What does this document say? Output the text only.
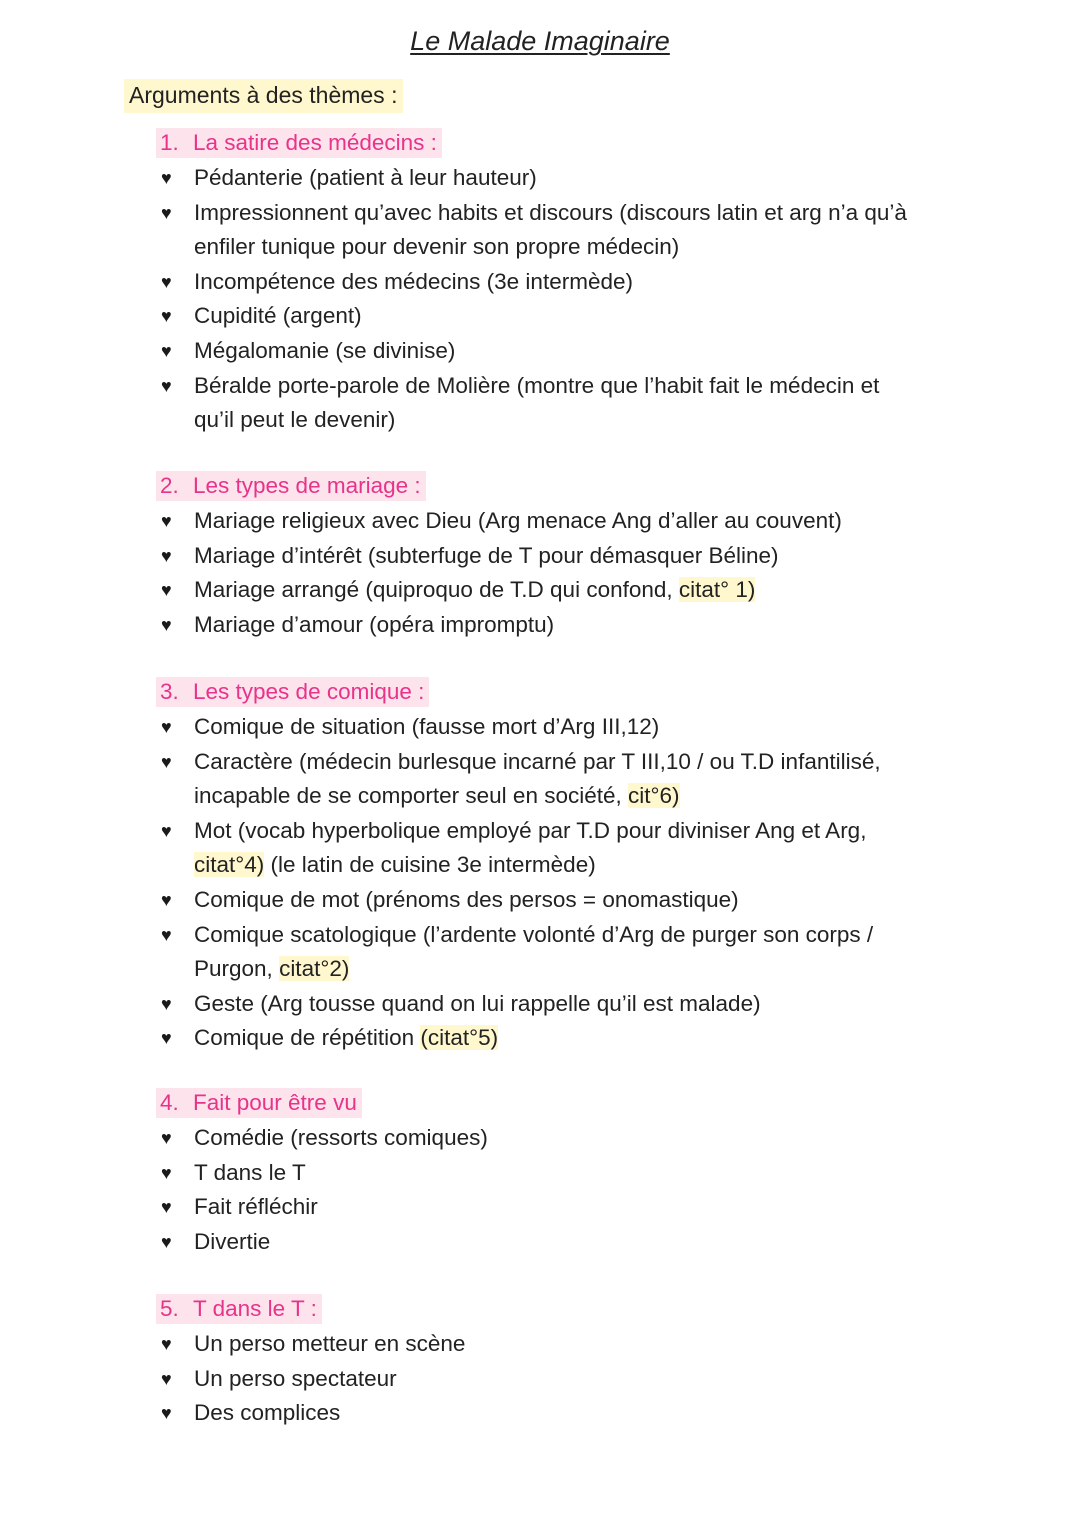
Le Malade Imaginaire
Arguments à des thèmes :
1. La satire des médecins :
♥ Pédanterie (patient à leur hauteur)
♥ Impressionnent qu’avec habits et discours (discours latin et arg n’a qu’à
enfiler tunique pour devenir son propre médecin)
♥ Incompétence des médecins (3e intermède)
♥ Cupidité (argent)
♥ Mégalomanie (se divinise)
♥ Béralde porte-parole de Molière (montre que l’habit fait le médecin et
qu’il peut le devenir)
2. Les types de mariage :
♥ Mariage religieux avec Dieu (Arg menace Ang d’aller au couvent)
♥ Mariage d’intérêt (subterfuge de T pour démasquer Béline)
♥ Mariage arrangé (quiproquo de T.D qui confond, citat° 1)
♥ Mariage d’amour (opéra impromptu)
3. Les types de comique :
♥ Comique de situation (fausse mort d’Arg III,12)
♥ Caractère (médecin burlesque incarné par T III,10 / ou T.D infantilisé,
incapable de se comporter seul en société, cit°6)
♥ Mot (vocab hyperbolique employé par T.D pour diviniser Ang et Arg,
citat°4) (le latin de cuisine 3e intermède)
♥ Comique de mot (prénoms des persos = onomastique)
♥ Comique scatologique (l’ardente volonté d’Arg de purger son corps /
Purgon, citat°2)
♥ Geste (Arg tousse quand on lui rappelle qu’il est malade)
♥ Comique de répétition (citat°5)
4. Fait pour être vu
♥ Comédie (ressorts comiques)
♥ T dans le T
♥ Fait réfléchir
♥ Divertie
5. T dans le T :
♥ Un perso metteur en scène
♥ Un perso spectateur
♥ Des complices
